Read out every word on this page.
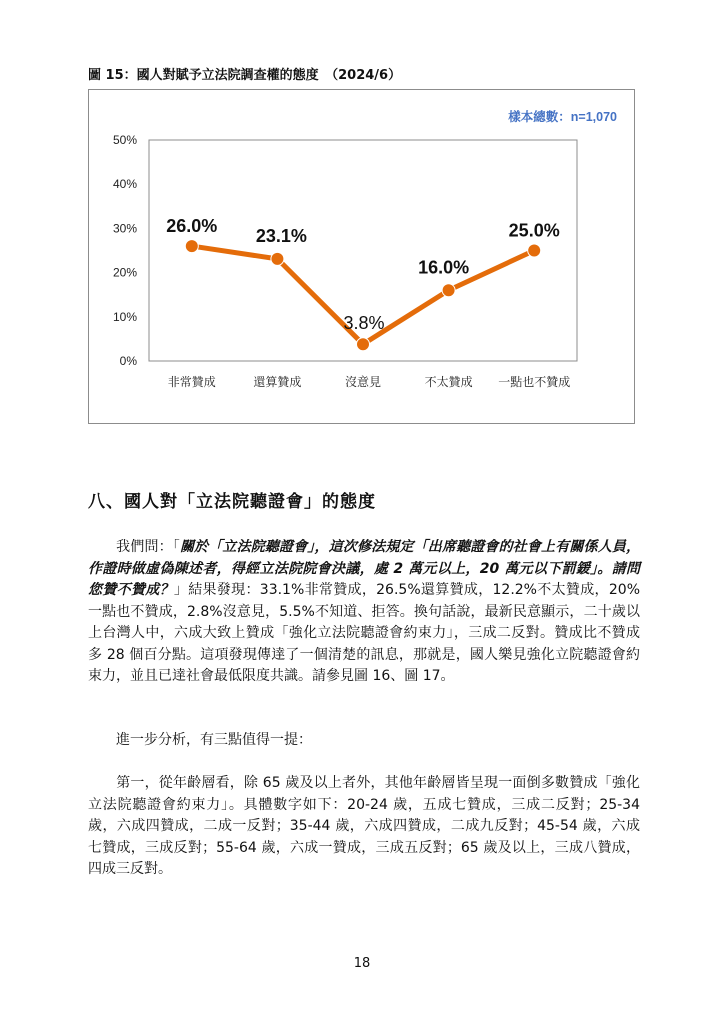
圖 15：國人對賦予立法院調查權的態度　（2024/6）
0%
10%
20%
30%
40%
50%
非常贊成	還算贊成	沒意見	不太贊成 一點也不贊成
26.0% 23.1%
3.8%
16.0%
25.0%
樣本總數：n=1,070
八、國人對「立法院聽證會」的態度

我們問：「關於「立法院聽證會」，這次修法規定「出席聽證會的社會上有關係人員，作證時做虛偽陳述者，得經立法院院會決議，處 2 萬元以上，20 萬元以下罰鍰」。請問您贊不贊成？」結果發現：33.1%非常贊成，26.5%還算贊成，12.2%不太贊成，20%一點也不贊成，2.8%沒意見，5.5%不知道、拒答。換句話說，最新民意顯示，二十歲以上台灣人中，六成大致上贊成「強化立法院聽證會約束力」，三成二反對。贊成比不贊成多 28 個百分點。這項發現傳達了一個清楚的訊息，那就是，國人樂見強化立院聽證會約束力，並且已達社會最低限度共識。請參見圖 16、圖 17。

進一步分析，有三點值得一提：

第一，從年齡層看，除 65 歲及以上者外，其他年齡層皆呈現一面倒多數贊成「強化立法院聽證會約束力」。具體數字如下：20-24 歲，五成七贊成，三成二反對；25-34 歲，六成四贊成，二成一反對；35-44 歲，六成四贊成，二成九反對；45-54 歲，六成七贊成，三成反對；55-64 歲，六成一贊成，三成五反對；65 歲及以上，三成八贊成，四成三反對。

18
